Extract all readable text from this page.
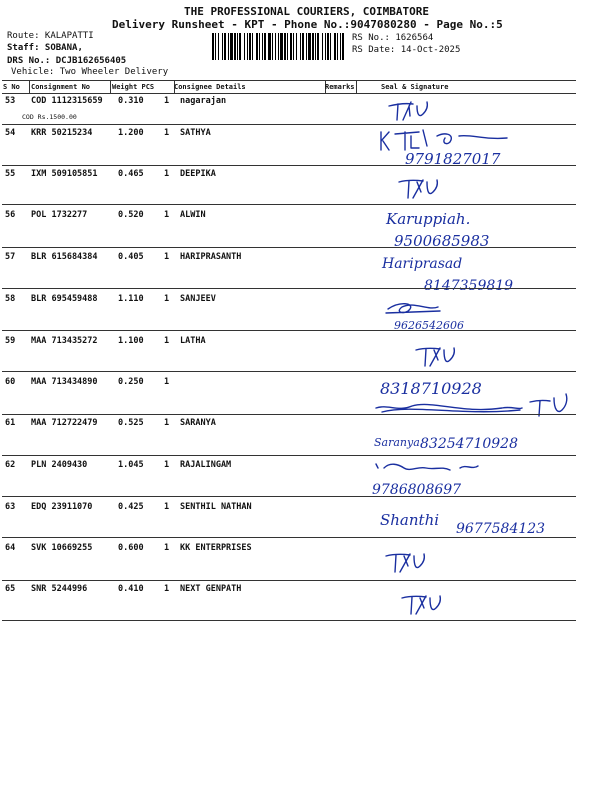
THE PROFESSIONAL COURIERS, COIMBATORE
Delivery Runsheet - KPT - Phone No.:9047080280 - Page No.:5
Route: KALAPATTI
Staff: SOBANA,
DRS No.: DCJB162656405
Vehicle: Two Wheeler Delivery
RS No.: 1626564
RS Date: 14-Oct-2025
S No Consignment No	Weight PCS	Consignee Details	Remarks	Seal & Signature
53 COD 1112315659 0.310 1 nagarajan
COD Rs.1500.00
54 KRR 50215234	1.200 1 SATHYA
9791827017
55 IXM 509105851 0.465 1 DEEPIKA
56 POL 1732277	0.520 1 ALWIN	Karuppiah.
9500685983
57 BLR 615684384 0.405 1 HARIPRASANTH	Hariprasad
8147359819
58 BLR 695459488 1.110 1 SANJEEV
9626542606
59 MAA 713435272 1.100 1 LATHA
60 MAA 713434890 0.250 1	8318710928
61 MAA 712722479 0.525 1 SARANYA
Saranya 83254710928
62 PLN 2409430	1.045 1 RAJALINGAM
9786808697
63 EDQ 23911070	0.425 1 SENTHIL NATHAN
Shanthi 9677584123
64 SVK 10669255	0.600 1 KK ENTERPRISES
65 SNR 5244996	0.410 1 NEXT GENPATH
